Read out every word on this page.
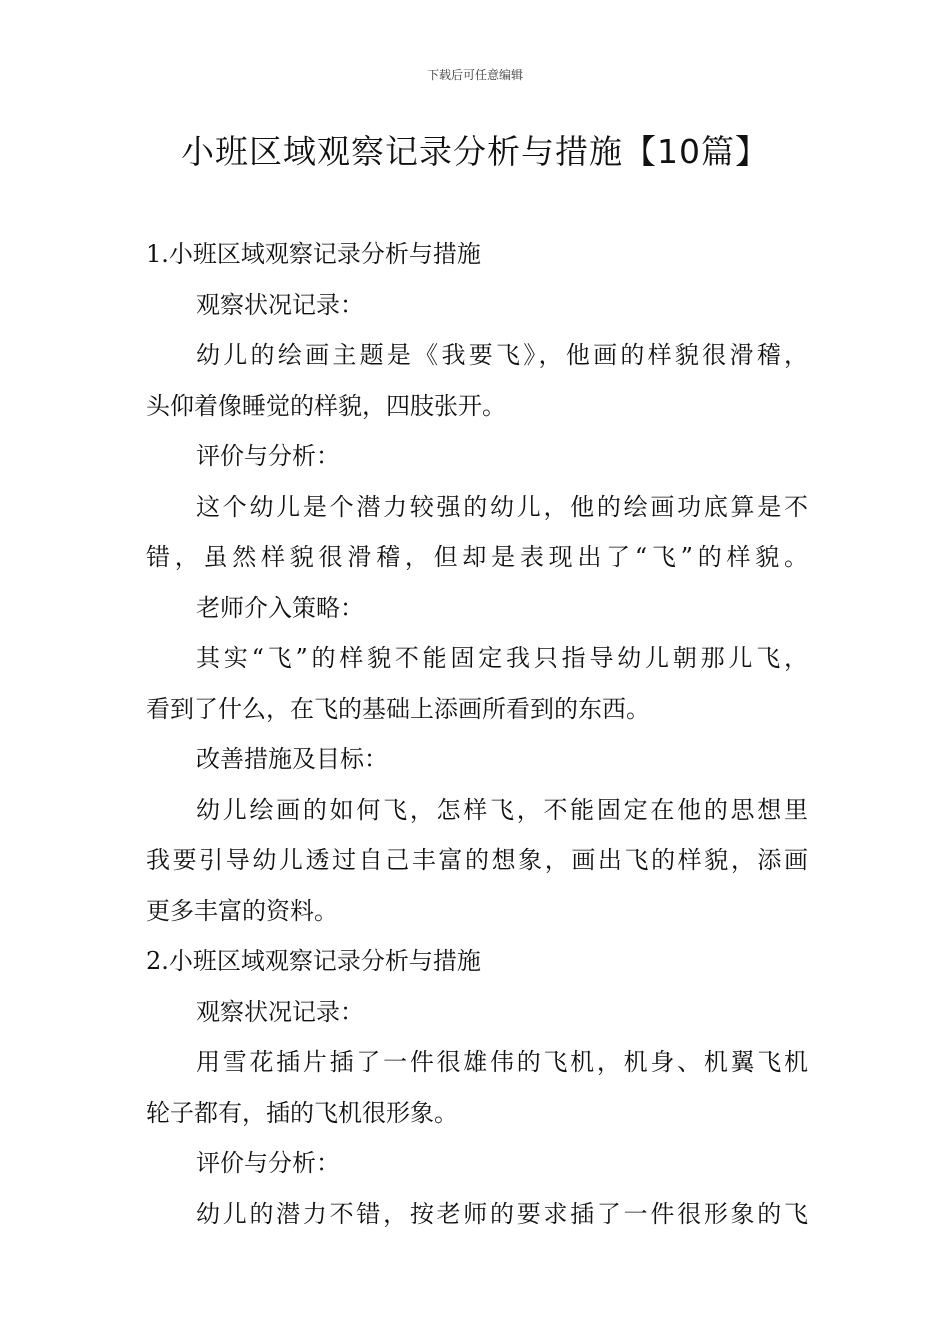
下载后可任意编辑
小班区域观察记录分析与措施【10篇】

1.小班区域观察记录分析与措施

观察状况记录：

幼儿的绘画主题是《我要飞》，他画的样貌很滑稽，

头仰着像睡觉的样貌，四肢张开。

评价与分析：

这个幼儿是个潜力较强的幼儿，他的绘画功底算是不

错，虽然样貌很滑稽，但却是表现出了“飞”的样貌。

老师介入策略：

其实“飞”的样貌不能固定我只指导幼儿朝那儿飞，

看到了什么，在飞的基础上添画所看到的东西。

改善措施及目标：

幼儿绘画的如何飞，怎样飞，不能固定在他的思想里

我要引导幼儿透过自己丰富的想象，画出飞的样貌，添画

更多丰富的资料。

2.小班区域观察记录分析与措施

观察状况记录：

用雪花插片插了一件很雄伟的飞机，机身、机翼飞机

轮子都有，插的飞机很形象。

评价与分析：

幼儿的潜力不错，按老师的要求插了一件很形象的飞
